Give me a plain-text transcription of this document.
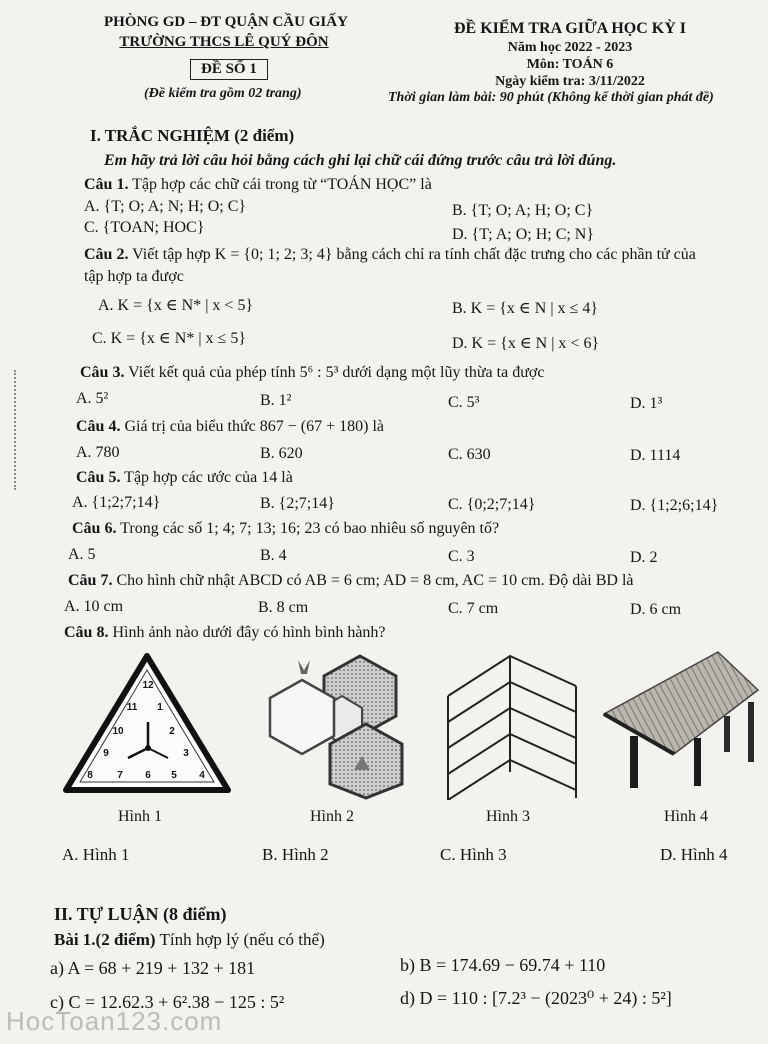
PHÒNG GD – ĐT QUẬN CẦU GIẤY
TRƯỜNG THCS LÊ QUÝ ĐÔN
ĐỀ SỐ 1
(Đề kiểm tra gồm 02 trang)
ĐỀ KIỂM TRA GIỮA HỌC KỲ I
Năm học 2022 - 2023
Môn: TOÁN 6
Ngày kiểm tra: 3/11/2022
Thời gian làm bài: 90 phút (Không kể thời gian phát đề)
I. TRẮC NGHIỆM (2 điểm)
Em hãy trả lời câu hỏi bằng cách ghi lại chữ cái đứng trước câu trả lời đúng.
Câu 1. Tập hợp các chữ cái trong từ “TOÁN HỌC” là
A. {T; O; A; N; H; O; C}	B. {T; O; A; H; O; C}
C. {TOAN; HOC}	D. {T; A; O; H; C; N}
Câu 2. Viết tập hợp K = {0; 1; 2; 3; 4} bằng cách chỉ ra tính chất đặc trưng cho các phần tử của
tập hợp ta được
A. K = {x ∈ N* | x < 5}	B. K = {x ∈ N | x ≤ 4}
C. K = {x ∈ N* | x ≤ 5}	D. K = {x ∈ N | x < 6}
Câu 3. Viết kết quả của phép tính 5⁶ : 5³ dưới dạng một lũy thừa ta được
A. 5²	B. 1²	C. 5³	D. 1³
Câu 4. Giá trị của biểu thức 867 − (67 + 180) là
A. 780	B. 620	C. 630	D. 1114
Câu 5. Tập hợp các ước của 14 là
A. {1;2;7;14}	B. {2;7;14}	C. {0;2;7;14}	D. {1;2;6;14}
Câu 6. Trong các số 1; 4; 7; 13; 16; 23 có bao nhiêu số nguyên tố?
A. 5	B. 4	C. 3	D. 2
Câu 7. Cho hình chữ nhật ABCD có AB = 6 cm; AD = 8 cm, AC = 10 cm. Độ dài BD là
A. 10 cm	B. 8 cm	C. 7 cm	D. 6 cm
Câu 8. Hình ảnh nào dưới đây có hình bình hành?
12
11 1
10	2
9	3
8 7 6 5 4
Hình 1	Hình 2	Hình 3	Hình 4
A. Hình 1	B. Hình 2	C. Hình 3	D. Hình 4
II. TỰ LUẬN (8 điểm)
Bài 1.(2 điểm) Tính hợp lý (nếu có thể)
a) A = 68 + 219 + 132 + 181	b) B = 174.69 − 69.74 + 110
c) C = 12.62.3 + 6².38 − 125 : 5²	d) D = 110 : [7.2³ − (2023⁰ + 24) : 5²]
HocToan123.com
